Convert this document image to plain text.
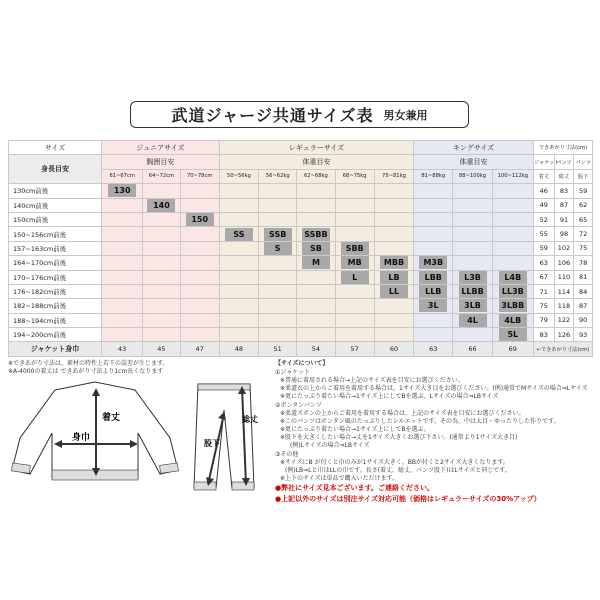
武道ジャージ共通サイズ表 男女兼用
サイズ	ジュニアサイズ			レギュラーサイズ					キングサイズ			できあがり寸法(cm)		
身長目安	胸囲目安			体重目安					体重目安			ジャケット	パンツ	パンツ
	61~67cm	64~72cm	70~78cm	50~56kg	56~62kg	62~68kg	68~75kg	75~81kg	81~88kg	88~100kg	100~112kg	着丈	総丈	股下
130cm前後	130											46	83	59
140cm前後		140										49	87	62
150cm前後			150									52	91	65
150~156cm前後				SS	SSB	SSBB						55	98	72
157~163cm前後					S	SB	SBB					59	102	75
164~170cm前後						M	MB	MBB	M3B			63	106	78
170~176cm前後							L	LB	LBB	L3B	L4B	67	110	81
176~182cm前後								LL	LLB	LLBB	LL3B	71	114	84
182~188cm前後									3L	3LB	3LBB	75	118	87
188~194cm前後										4L	4LB	79	122	90
194~200cm前後											5L	83	126	93
ジャケット身巾	43	45	47	48	51	54	57	60	63	66	69	←できあがり寸法(cm)		
※できあがり寸法は、素材の特性上若干の誤差が生じます。
※A-4000の着丈は できあがり寸法より1cm長くなります
着丈
身巾
総丈
股下
【サイズについて】
①ジャケット
※普通に着用される場合→上記のサイズ表を目安にお選びください。
※柔道衣の上からご着用を着用する場合は、1サイズ大き目をお選びください。(例)通常でMサイズの場合⇒Lサイズ
※更にたっぷり着たい場合→1サイズ上にしてBを選ぶ。Lサイズの場合⇒LBサイズ
②ボンタンパンツ
※柔道ズボンの上からご着用を着用する場合は、上記のサイズ表を目安にお選びください。
※このパンツはボンタン風のたっぷりしたシルエットです。その為、中は太目・ゆったりした作りです。
※更にたっぷり着たい場合→1サイズ上にしてBを選ぶ。
※股下を大きくしたい場合→丈を1サイズ大きくお選び下さい。(通常より1サイズ大き目)
(例)Lサイズの場合⇒LBサイズ
③その他
※サイズにB が付くと巾のみが1サイズ大きく、BBが付くと2サイズ大きくなります。
(例)LB⇒Lと巾はLLの巾です。長さ(着丈、総丈、パンツ股下)はLサイズと同じです。
※上下のサイズは単品で購入いただけます。
●弊社にサイズ見本ございます。ご連絡ください。
●上記以外のサイズは別注サイズ対応可能（価格はレギュラーサイズの30%アップ）
